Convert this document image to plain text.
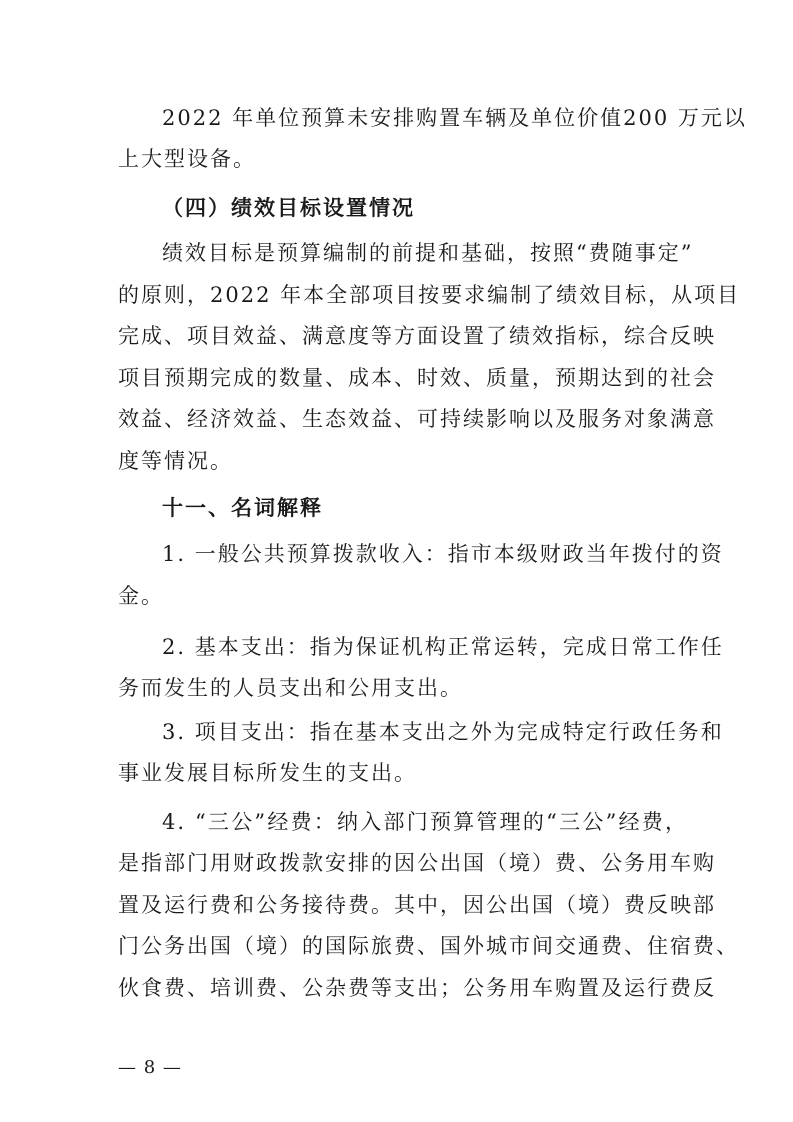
2022 年单位预算未安排购置车辆及单位价值200 万元以
上大型设备。
（四）绩效目标设置情况
绩效目标是预算编制的前提和基础，按照“费随事定”
的原则，2022 年本全部项目按要求编制了绩效目标，从项目
完成、项目效益、满意度等方面设置了绩效指标，综合反映
项目预期完成的数量、成本、时效、质量，预期达到的社会
效益、经济效益、生态效益、可持续影响以及服务对象满意
度等情况。
十一、名词解释
1. 一般公共预算拨款收入：指市本级财政当年拨付的资
金。
2. 基本支出：指为保证机构正常运转，完成日常工作任
务而发生的人员支出和公用支出。
3. 项目支出：指在基本支出之外为完成特定行政任务和
事业发展目标所发生的支出。
4. “三公”经费：纳入部门预算管理的“三公”经费，
是指部门用财政拨款安排的因公出国（境）费、公务用车购
置及运行费和公务接待费。其中，因公出国（境）费反映部
门公务出国（境）的国际旅费、国外城市间交通费、住宿费、
伙食费、培训费、公杂费等支出；公务用车购置及运行费反
— 8 —
